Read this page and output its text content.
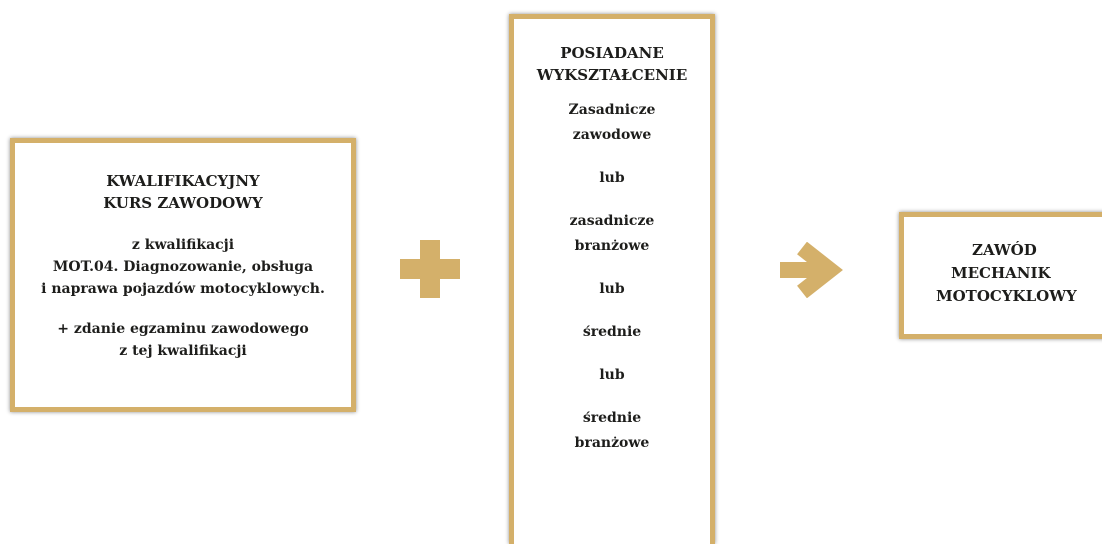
KWALIFIKACYJNY
KURS ZAWODOWY
z kwalifikacji
MOT.04. Diagnozowanie, obsługa
i naprawa pojazdów motocyklowych.
+ zdanie egzaminu zawodowego
z tej kwalifikacji
POSIADANE
WYKSZTAŁCENIE
Zasadnicze
zawodowe
lub
zasadnicze
branżowe
lub
średnie
lub
średnie
branżowe
ZAWÓD
MECHANIK
MOTOCYKLOWY
